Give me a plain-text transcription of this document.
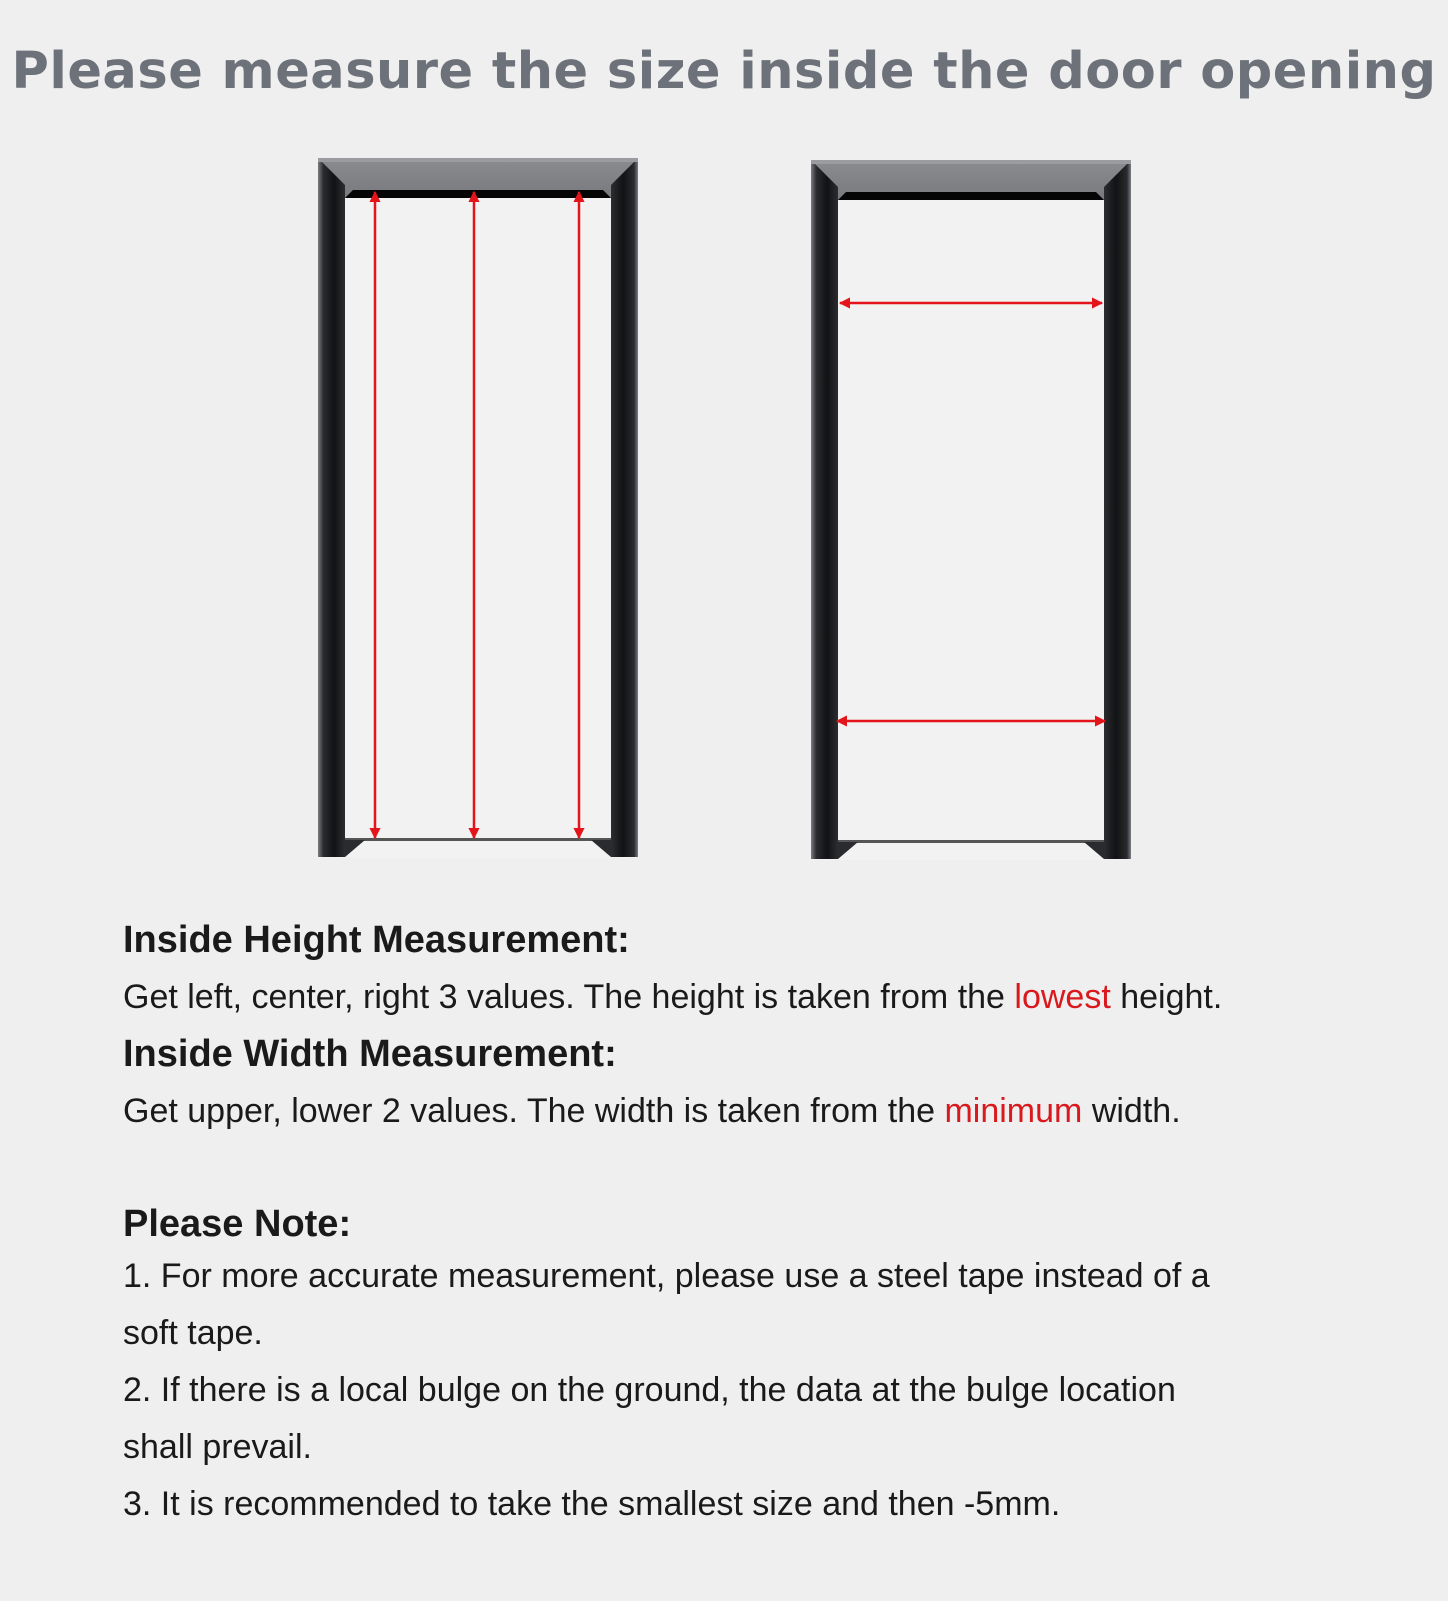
Please measure the size inside the door opening

Inside Height Measurement:

Get left, center, right 3 values. The height is taken from the lowest height.

Inside Width Measurement:

Get upper, lower 2 values. The width is taken from the minimum width.

Please Note:

1. For more accurate measurement, please use a steel tape instead of a

soft tape.

2. If there is a local bulge on the ground, the data at the bulge location

shall prevail.

3. It is recommended to take the smallest size and then -5mm.
